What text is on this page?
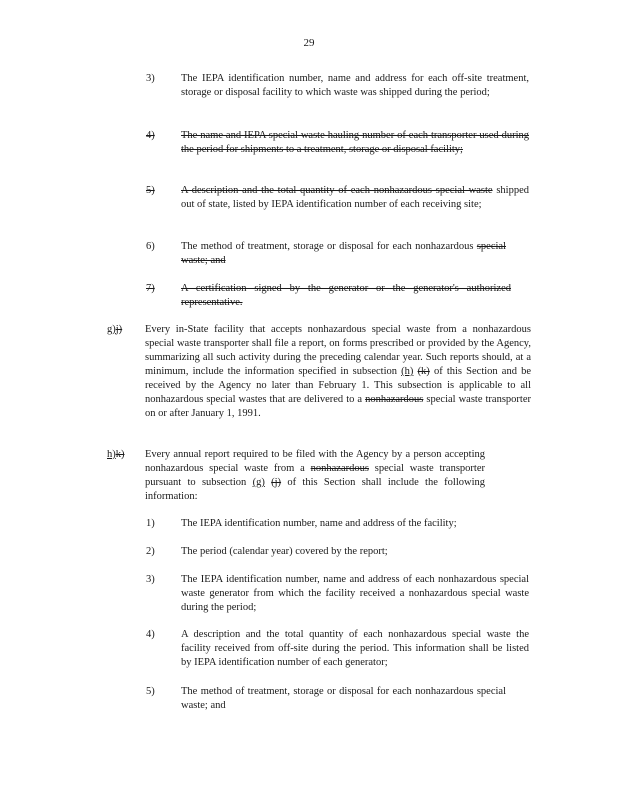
29
3)	The IEPA identification number, name and address for each off-site treatment, storage or disposal facility to which waste was shipped during the period;
4)	The name and IEPA special waste hauling number of each transporter used during the period for shipments to a treatment, storage or disposal facility;
5)	A description and the total quantity of each nonhazardous special waste shipped out of state, listed by IEPA identification number of each receiving site;
6)	The method of treatment, storage or disposal for each nonhazardous special waste; and
7)	A certification signed by the generator or the generator's authorized representative.
g)j) Every in-State facility that accepts nonhazardous special waste from a nonhazardous special waste transporter shall file a report, on forms prescribed or provided by the Agency, summarizing all such activity during the preceding calendar year. Such reports should, at a minimum, include the information specified in subsection (h) (k) of this Section and be received by the Agency no later than February 1. This subsection is applicable to all nonhazardous special wastes that are delivered to a nonhazardous special waste transporter on or after January 1, 1991.
h)k) Every annual report required to be filed with the Agency by a person accepting nonhazardous special waste from a nonhazardous special waste transporter pursuant to subsection (g) (j) of this Section shall include the following information:
1)	The IEPA identification number, name and address of the facility;
2)	The period (calendar year) covered by the report;
3)	The IEPA identification number, name and address of each nonhazardous special waste generator from which the facility received a nonhazardous special waste during the period;
4)	A description and the total quantity of each nonhazardous special waste the facility received from off-site during the period. This information shall be listed by IEPA identification number of each generator;
5)	The method of treatment, storage or disposal for each nonhazardous special waste; and
